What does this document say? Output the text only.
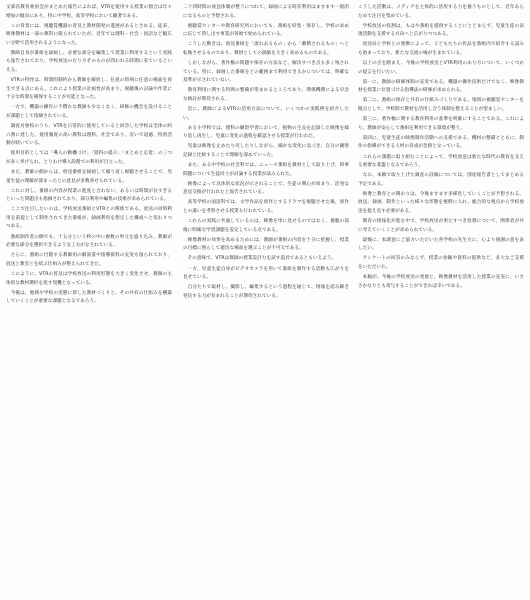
文部省教育委員会がまとめた報告によれば、VTRを使用する授業の割合は年々増加の傾向にあり、特に中学校、高等学校において顕著である。

この背景には、視聴覚機器の普及と教材開発の進展があるとされる。従来、映像教材は一部の教科に限られていたが、近年では理科・社会・国語など幅広い分野で活用されるようになった。

教師自身が番組を録画し、必要な部分を編集して授業に利用するという実践も報告されており、学校放送の在り方そのものが問われる時期に来ているといえる。

VTRの特性は、時間的制約から教師を解放し、任意の時刻に任意の場面を再生できる点にある。これにより授業の計画性が高まり、視聴後の討論や作業に十分な時間を確保することが可能となった。

一方で、機器の操作に不慣れな教師も少なくなく、研修の機会を設けることが課題として指摘されている。

調査対象校のうち、VTRを日常的に使用していると回答した学校は全体の約六割に達した。使用頻度の高い教科は理科、社会であり、次いで道徳、特別活動が続いている。

使用目的としては「導入の動機づけ」「資料の提示」「まとめと定着」の三つが多く挙げられ、とりわけ導入段階での利用が目立った。

また、教師の側からは、放送番組を録画して繰り返し視聴させることで、児童生徒の理解が深まったとの意見が多数寄せられている。

これに対し、番組の内容が授業の進度と合わない、あるいは時間が長すぎるといった問題点も指摘されており、部分利用や編集の技術が求められている。

ここで注目したいのは、学校放送番組とVTRとの関係である。放送の同時利用を前提として制作されてきた番組が、録画利用を想定した構成へと変わりつつある。

番組制作者の側でも、十五分という枠の中に複数の単元を盛り込み、教師が必要な部分を選択できるような工夫がなされている。

さらに、番組に付随する教師用の解説書や指導資料の充実も図られており、放送と教室とを結ぶ仕組みが整えられてきた。

このように、VTRの普及は学校放送の利用形態を大きく変化させ、教師の主体的な教材選択を促す契機となっている。

今後は、地域や学校の実態に即した教材づくりと、その共有の仕組みを構築していくことが重要な課題となるであろう。

二十四時間の放送体制が整うにつれて、録画による時差利用はますます一般的になるものと予想される。

視聴覚センターや教育研究所においても、番組を収集・保存し、学校の求めに応じて貸し出す事業が各地で始められている。

こうした動きは、放送番組を「流れ去るもの」から「蓄積されるもの」へと転換させるものであり、教材としての価値を大きく高めるものである。

しかしながら、著作権の問題や保存の方法など、解決すべき点も多く残されている。特に、録画した番組をどの範囲まで利用できるかについては、明確な基準が示されていない。

教育利用に関する特例の整備が望まれるところであり、関係機関による早急な検討が期待される。

次に、教師によるVTRの活用方法について、いくつかの実践例を紹介したい。

ある小学校では、理科の観察学習において、植物の生長を記録した映像を繰り返し再生し、児童に変化の過程を確認させる授業が行われた。

児童は映像を止めたり戻したりしながら、細かな変化に気づき、自分の観察記録と比較することで理解を深めていった。

また、ある中学校の社会科では、ニュース番組を教材として取り上げ、時事問題について生徒同士が討論する授業が試みられた。

映像によって具体的な状況が示されることで、生徒の関心が高まり、活発な意見交換が行われたと報告されている。

高等学校の国語科では、文学作品を原作とするドラマを視聴させた後、原作との違いを考察させる授業も行われている。

これらの実践に共通しているのは、映像を単に見せるのではなく、視聴の前後に明確な学習課題を設定している点である。

映像教材の効果を高めるためには、教師が番組の内容を十分に把握し、授業の目標に照らして適切な場面を選ぶことが不可欠である。

その意味で、VTRは教師の授業設計力を試す道具であるともいえよう。

一方、児童生徒自身がビデオカメラを用いて番組を制作する活動も広がりを見せている。

自分たちで取材し、撮影し、編集するという過程を通じて、情報を読み解き発信する力が育まれることが期待されている。

こうした活動は、メディアを主体的に活用する力を養うものとして、近年あらためて注目を集めている。

学校放送の役割は、もはや番組を提供することにとどまらず、児童生徒の表現活動を支援する方向へと広がりつつある。

放送局と学校との連携によって、子どもたちの作品を番組内で紹介する試みも始まっており、新たな交流の場が生まれている。

以上の点を踏まえ、今後の学校放送とVTR利用のあり方について、いくつかの提言を行いたい。

第一に、教師の研修体制の充実である。機器の操作技術だけでなく、映像教材を授業に位置づける指導法の研修が求められる。

第二に、番組の保存と共有の仕組みづくりである。地域の視聴覚センターを拠点として、学校間で教材を活用し合う体制を整えることが望ましい。

第三に、著作権に関する教育利用の基準を明確にすることである。これにより、教師が安心して番組を利用できる環境が整う。

第四に、児童生徒の映像制作活動への支援である。機材の整備とともに、制作の指導ができる人材の育成が急務となっている。

これらの課題に取り組むことによって、学校放送は新たな時代の教育を支える重要な基盤となるであろう。

なお、本稿で取り上げた調査の詳細については、別途報告書としてまとめる予定である。

映像と教育との関わりは、今後ますます多様化していくことが予想される。放送、録画、制作といった様々な形態を視野に入れ、総合的な視点から学校放送を捉え直す必要がある。

教育の情報化が進む中で、学校放送が果たすべき役割について、関係者が共に考えていくことが求められている。

最後に、本調査にご協力いただいた各学校の先生方に、心より感謝の意を表したい。

アンケートの回答のみならず、授業の参観や資料の提供など、多大なご支援をいただいた。

本稿が、今後の学校放送の発展と、映像教材を活用した授業の充実に、いささかなりとも寄与することができれば幸いである。
